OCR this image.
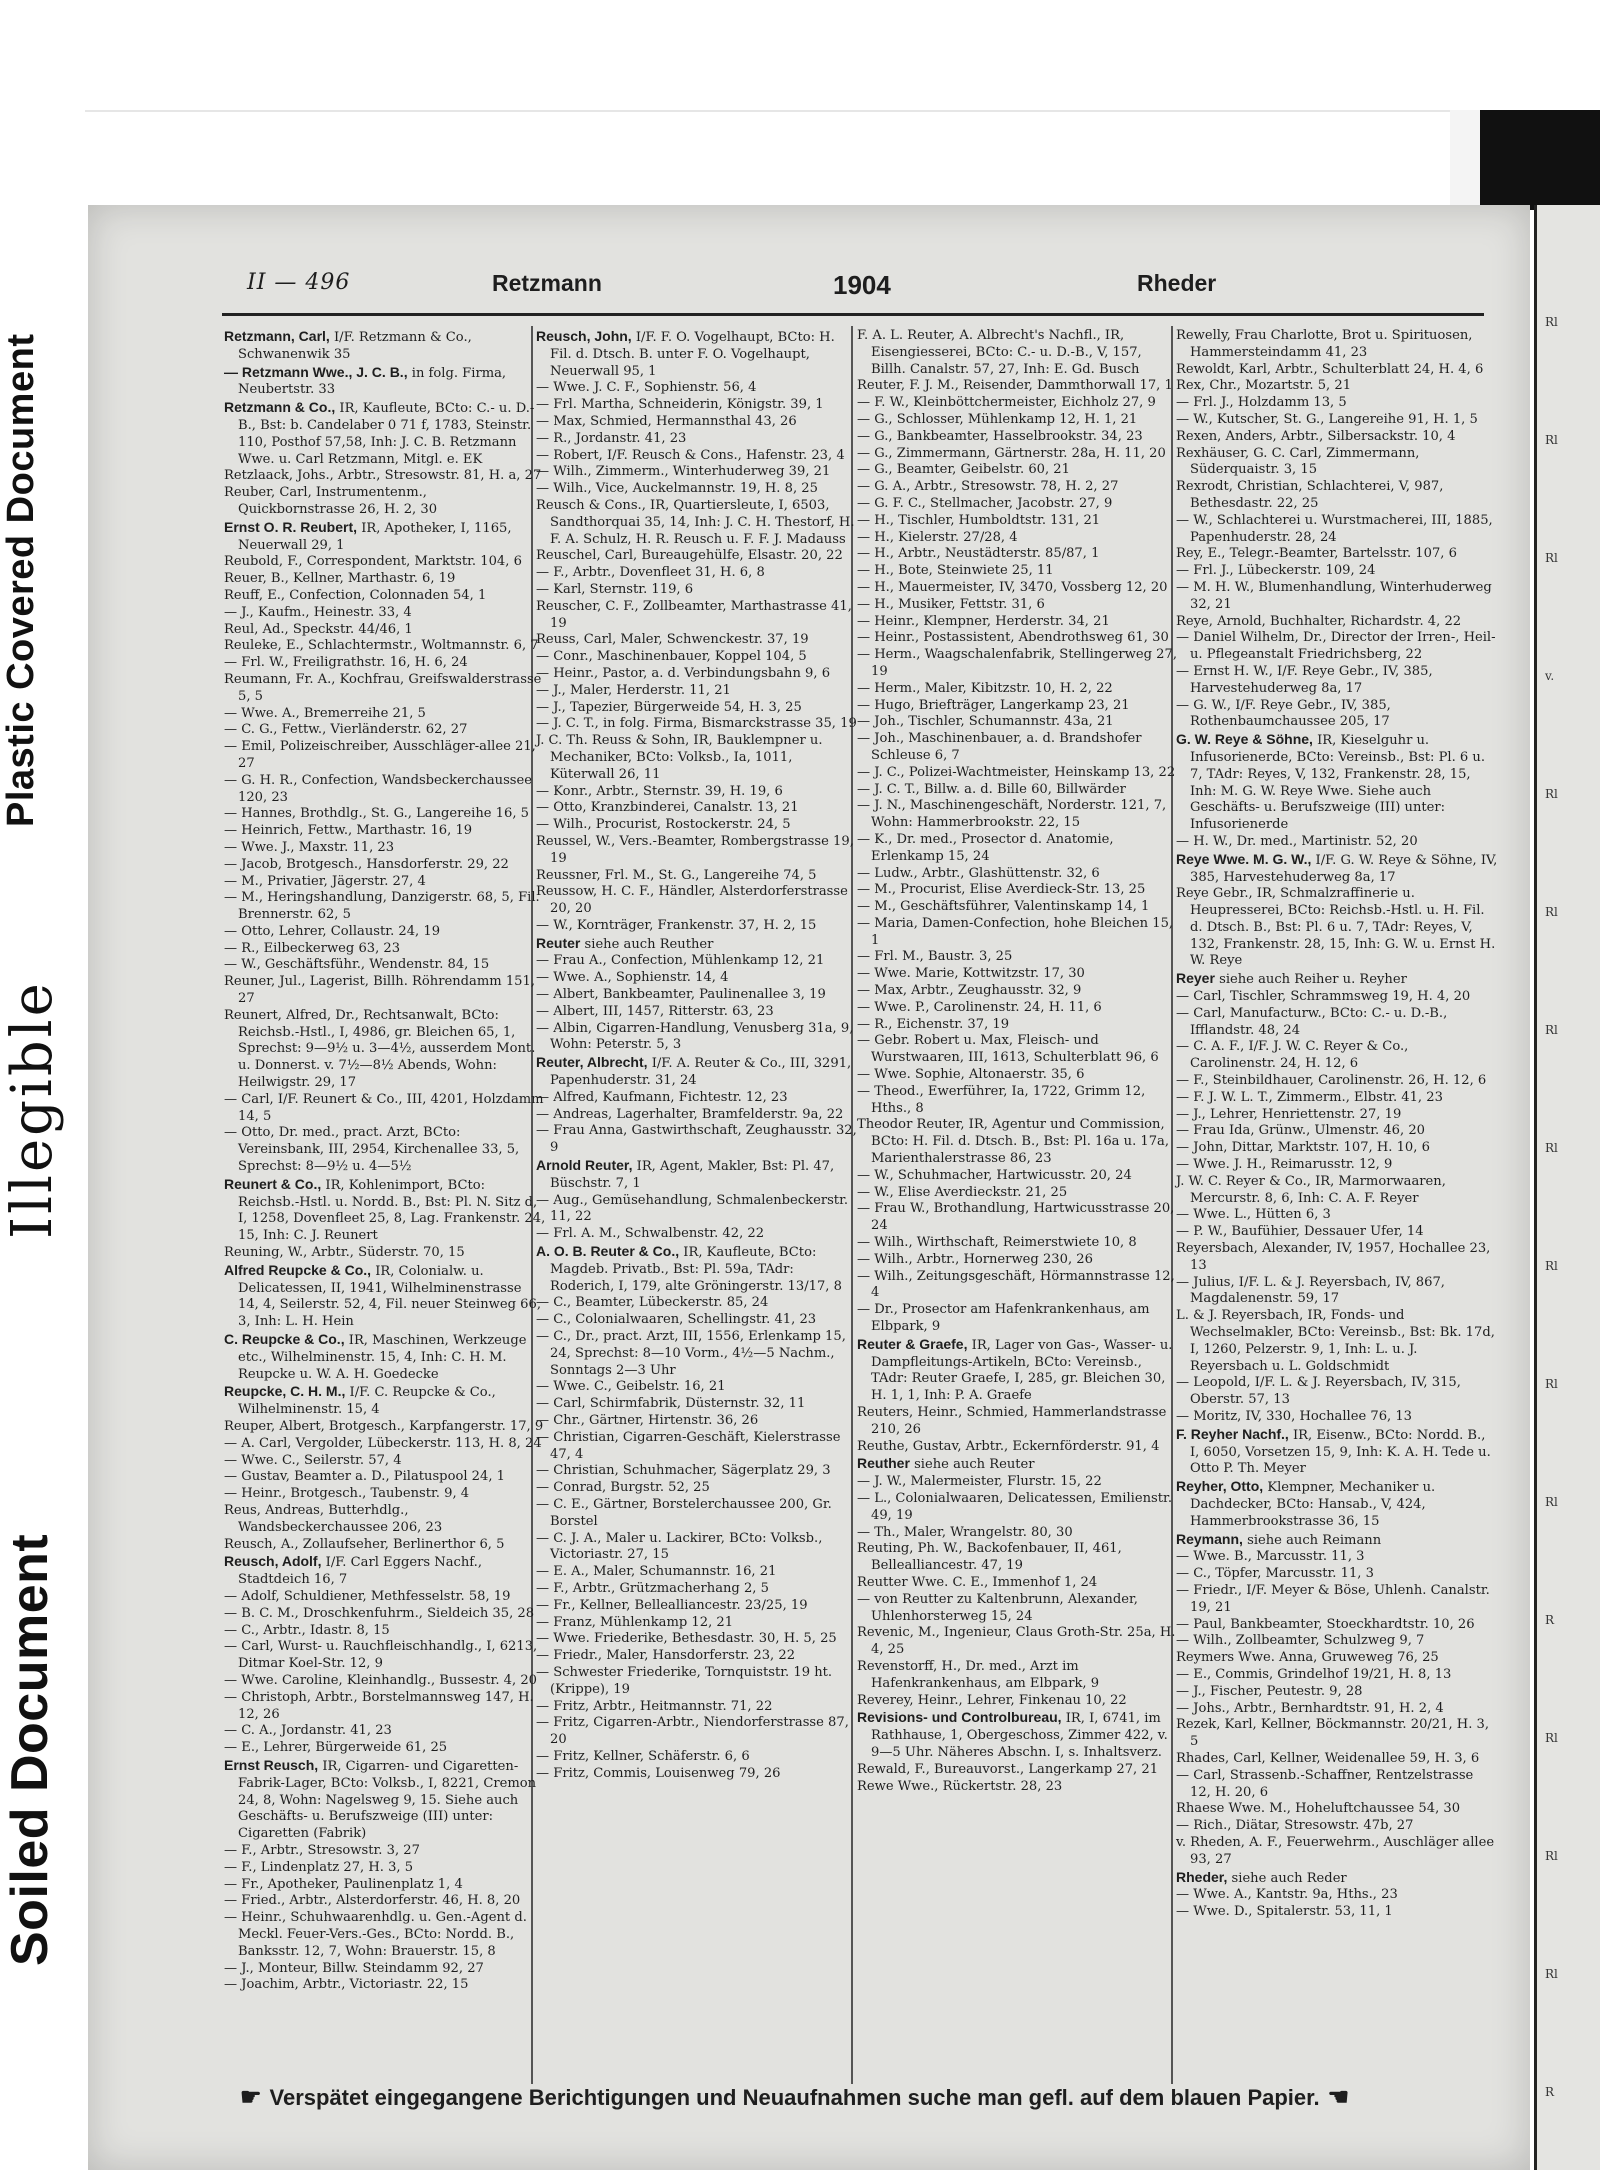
Plastic Covered Document
Illegible
Soiled Document
Rl
Rl
Rl
v.
Rl
Rl
Rl
Rl
Rl
Rl
Rl
R
Rl
Rl
Rl
R
II — 496	Retzmann	1904	Rheder

Retzmann, Carl, I/F. Retzmann & Co., Schwanenwik 35

— Retzmann Wwe., J. C. B., in folg. Firma, Neubertstr. 33

Retzmann & Co., IR, Kaufleute, BCto: C.- u. D.-B., Bst: b. Candelaber 0 71 f, 1783, Steinstr. 110, Posthof 57,58, Inh: J. C. B. Retzmann Wwe. u. Carl Retzmann, Mitgl. e. EK

Retzlaack, Johs., Arbtr., Stresowstr. 81, H. a, 27

Reuber, Carl, Instrumentenm., Quickbornstrasse 26, H. 2, 30

Ernst O. R. Reubert, IR, Apotheker, I, 1165, Neuerwall 29, 1

Reubold, F., Correspondent, Marktstr. 104, 6

Reuer, B., Kellner, Marthastr. 6, 19

Reuff, E., Confection, Colonnaden 54, 1

— J., Kaufm., Heinestr. 33, 4

Reul, Ad., Speckstr. 44/46, 1

Reuleke, E., Schlachtermstr., Woltmannstr. 6, 7

— Frl. W., Freiligrathstr. 16, H. 6, 24

Reumann, Fr. A., Kochfrau, Greifswalderstrasse 5, 5

— Wwe. A., Bremerreihe 21, 5

— C. G., Fettw., Vierländerstr. 62, 27

— Emil, Polizeischreiber, Ausschläger-allee 21, 27

— G. H. R., Confection, Wandsbeckerchaussee 120, 23

— Hannes, Brothdlg., St. G., Langereihe 16, 5

— Heinrich, Fettw., Marthastr. 16, 19

— Wwe. J., Maxstr. 11, 23

— Jacob, Brotgesch., Hansdorferstr. 29, 22

— M., Privatier, Jägerstr. 27, 4

— M., Heringshandlung, Danzigerstr. 68, 5, Fil. Brennerstr. 62, 5

— Otto, Lehrer, Collaustr. 24, 19

— R., Eilbeckerweg 63, 23

— W., Geschäftsführ., Wendenstr. 84, 15

Reuner, Jul., Lagerist, Billh. Röhrendamm 151, 27

Reunert, Alfred, Dr., Rechtsanwalt, BCto: Reichsb.-Hstl., I, 4986, gr. Bleichen 65, 1, Sprechst: 9—9½ u. 3—4½, ausserdem Mont. u. Donnerst. v. 7½—8½ Abends, Wohn: Heilwigstr. 29, 17

— Carl, I/F. Reunert & Co., III, 4201, Holzdamm 14, 5

— Otto, Dr. med., pract. Arzt, BCto: Vereinsbank, III, 2954, Kirchenallee 33, 5, Sprechst: 8—9½ u. 4—5½

Reunert & Co., IR, Kohlenimport, BCto: Reichsb.-Hstl. u. Nordd. B., Bst: Pl. N. Sitz d, I, 1258, Dovenfleet 25, 8, Lag. Frankenstr. 24, 15, Inh: C. J. Reunert

Reuning, W., Arbtr., Süderstr. 70, 15

Alfred Reupcke & Co., IR, Colonialw. u. Delicatessen, II, 1941, Wilhelminenstrasse 14, 4, Seilerstr. 52, 4, Fil. neuer Steinweg 66, 3, Inh: L. H. Hein

C. Reupcke & Co., IR, Maschinen, Werkzeuge etc., Wilhelminenstr. 15, 4, Inh: C. H. M. Reupcke u. W. A. H. Goedecke

Reupcke, C. H. M., I/F. C. Reupcke & Co., Wilhelminenstr. 15, 4

Reuper, Albert, Brotgesch., Karpfangerstr. 17, 9

— A. Carl, Vergolder, Lübeckerstr. 113, H. 8, 24

— Wwe. C., Seilerstr. 57, 4

— Gustav, Beamter a. D., Pilatuspool 24, 1

— Heinr., Brotgesch., Taubenstr. 9, 4

Reus, Andreas, Butterhdlg., Wandsbeckerchaussee 206, 23

Reusch, A., Zollaufseher, Berlinerthor 6, 5

Reusch, Adolf, I/F. Carl Eggers Nachf., Stadtdeich 16, 7

— Adolf, Schuldiener, Methfesselstr. 58, 19

— B. C. M., Droschkenfuhrm., Sieldeich 35, 28

— C., Arbtr., Idastr. 8, 15

— Carl, Wurst- u. Rauchfleischhandlg., I, 6213, Ditmar Koel-Str. 12, 9

— Wwe. Caroline, Kleinhandlg., Bussestr. 4, 20

— Christoph, Arbtr., Borstelmannsweg 147, H. 12, 26

— C. A., Jordanstr. 41, 23

— E., Lehrer, Bürgerweide 61, 25

Ernst Reusch, IR, Cigarren- und Cigaretten-Fabrik-Lager, BCto: Volksb., I, 8221, Cremon 24, 8, Wohn: Nagelsweg 9, 15. Siehe auch Geschäfts- u. Berufszweige (III) unter: Cigaretten (Fabrik)

— F., Arbtr., Stresowstr. 3, 27

— F., Lindenplatz 27, H. 3, 5

— Fr., Apotheker, Paulinenplatz 1, 4

— Fried., Arbtr., Alsterdorferstr. 46, H. 8, 20

— Heinr., Schuhwaarenhdlg. u. Gen.-Agent d. Meckl. Feuer-Vers.-Ges., BCto: Nordd. B., Banksstr. 12, 7, Wohn: Brauerstr. 15, 8

— J., Monteur, Billw. Steindamm 92, 27

— Joachim, Arbtr., Victoriastr. 22, 15

Reusch, John, I/F. F. O. Vogelhaupt, BCto: H. Fil. d. Dtsch. B. unter F. O. Vogelhaupt, Neuerwall 95, 1

— Wwe. J. C. F., Sophienstr. 56, 4

— Frl. Martha, Schneiderin, Königstr. 39, 1

— Max, Schmied, Hermannsthal 43, 26

— R., Jordanstr. 41, 23

— Robert, I/F. Reusch & Cons., Hafenstr. 23, 4

— Wilh., Zimmerm., Winterhuderweg 39, 21

— Wilh., Vice, Auckelmannstr. 19, H. 8, 25

Reusch & Cons., IR, Quartiersleute, I, 6503, Sandthorquai 35, 14, Inh: J. C. H. Thestorf, H. F. A. Schulz, H. R. Reusch u. F. F. J. Madauss

Reuschel, Carl, Bureaugehülfe, Elsastr. 20, 22

— F., Arbtr., Dovenfleet 31, H. 6, 8

— Karl, Sternstr. 119, 6

Reuscher, C. F., Zollbeamter, Marthastrasse 41, 19

Reuss, Carl, Maler, Schwenckestr. 37, 19

— Conr., Maschinenbauer, Koppel 104, 5

— Heinr., Pastor, a. d. Verbindungsbahn 9, 6

— J., Maler, Herderstr. 11, 21

— J., Tapezier, Bürgerweide 54, H. 3, 25

— J. C. T., in folg. Firma, Bismarckstrasse 35, 19

J. C. Th. Reuss & Sohn, IR, Bauklempner u. Mechaniker, BCto: Volksb., Ia, 1011, Küterwall 26, 11

— Konr., Arbtr., Sternstr. 39, H. 19, 6

— Otto, Kranzbinderei, Canalstr. 13, 21

— Wilh., Procurist, Rostockerstr. 24, 5

Reussel, W., Vers.-Beamter, Rombergstrasse 19, 19

Reussner, Frl. M., St. G., Langereihe 74, 5

Reussow, H. C. F., Händler, Alsterdorferstrasse 20, 20

— W., Kornträger, Frankenstr. 37, H. 2, 15

Reuter siehe auch Reuther

— Frau A., Confection, Mühlenkamp 12, 21

— Wwe. A., Sophienstr. 14, 4

— Albert, Bankbeamter, Paulinenallee 3, 19

— Albert, III, 1457, Ritterstr. 63, 23

— Albin, Cigarren-Handlung, Venusberg 31a, 9, Wohn: Peterstr. 5, 3

Reuter, Albrecht, I/F. A. Reuter & Co., III, 3291, Papenhuderstr. 31, 24

— Alfred, Kaufmann, Fichtestr. 12, 23

— Andreas, Lagerhalter, Bramfelderstr. 9a, 22

— Frau Anna, Gastwirthschaft, Zeughausstr. 32, 9

Arnold Reuter, IR, Agent, Makler, Bst: Pl. 47, Büschstr. 7, 1

— Aug., Gemüsehandlung, Schmalenbeckerstr. 11, 22

— Frl. A. M., Schwalbenstr. 42, 22

A. O. B. Reuter & Co., IR, Kaufleute, BCto: Magdeb. Privatb., Bst: Pl. 59a, TAdr: Roderich, I, 179, alte Gröningerstr. 13/17, 8

— C., Beamter, Lübeckerstr. 85, 24

— C., Colonialwaaren, Schellingstr. 41, 23

— C., Dr., pract. Arzt, III, 1556, Erlenkamp 15, 24, Sprechst: 8—10 Vorm., 4½—5 Nachm., Sonntags 2—3 Uhr

— Wwe. C., Geibelstr. 16, 21

— Carl, Schirmfabrik, Düsternstr. 32, 11

— Chr., Gärtner, Hirtenstr. 36, 26

— Christian, Cigarren-Geschäft, Kielerstrasse 47, 4

— Christian, Schuhmacher, Sägerplatz 29, 3

— Conrad, Burgstr. 52, 25

— C. E., Gärtner, Borstelerchaussee 200, Gr. Borstel

— C. J. A., Maler u. Lackirer, BCto: Volksb., Victoriastr. 27, 15

— E. A., Maler, Schumannstr. 16, 21

— F., Arbtr., Grützmacherhang 2, 5

— Fr., Kellner, Bellealliancestr. 23/25, 19

— Franz, Mühlenkamp 12, 21

— Wwe. Friederike, Bethesdastr. 30, H. 5, 25

— Friedr., Maler, Hansdorferstr. 23, 22

— Schwester Friederike, Tornquiststr. 19 ht. (Krippe), 19

— Fritz, Arbtr., Heitmannstr. 71, 22

— Fritz, Cigarren-Arbtr., Niendorferstrasse 87, 20

— Fritz, Kellner, Schäferstr. 6, 6

— Fritz, Commis, Louisenweg 79, 26

F. A. L. Reuter, A. Albrecht's Nachfl., IR, Eisengiesserei, BCto: C.- u. D.-B., V, 157, Billh. Canalstr. 57, 27, Inh: E. Gd. Busch

Reuter, F. J. M., Reisender, Dammthorwall 17, 1

— F. W., Kleinböttchermeister, Eichholz 27, 9

— G., Schlosser, Mühlenkamp 12, H. 1, 21

— G., Bankbeamter, Hasselbrookstr. 34, 23

— G., Zimmermann, Gärtnerstr. 28a, H. 11, 20

— G., Beamter, Geibelstr. 60, 21

— G. A., Arbtr., Stresowstr. 78, H. 2, 27

— G. F. C., Stellmacher, Jacobstr. 27, 9

— H., Tischler, Humboldtstr. 131, 21

— H., Kielerstr. 27/28, 4

— H., Arbtr., Neustädterstr. 85/87, 1

— H., Bote, Steinwiete 25, 11

— H., Mauermeister, IV, 3470, Vossberg 12, 20

— H., Musiker, Fettstr. 31, 6

— Heinr., Klempner, Herderstr. 34, 21

— Heinr., Postassistent, Abendrothsweg 61, 30

— Herm., Waagschalenfabrik, Stellingerweg 27, 19

— Herm., Maler, Kibitzstr. 10, H. 2, 22

— Hugo, Briefträger, Langerkamp 23, 21

— Joh., Tischler, Schumannstr. 43a, 21

— Joh., Maschinenbauer, a. d. Brandshofer Schleuse 6, 7

— J. C., Polizei-Wachtmeister, Heinskamp 13, 22

— J. C. T., Billw. a. d. Bille 60, Billwärder

— J. N., Maschinengeschäft, Norderstr. 121, 7, Wohn: Hammerbrookstr. 22, 15

— K., Dr. med., Prosector d. Anatomie, Erlenkamp 15, 24

— Ludw., Arbtr., Glashüttenstr. 32, 6

— M., Procurist, Elise Averdieck-Str. 13, 25

— M., Geschäftsführer, Valentinskamp 14, 1

— Maria, Damen-Confection, hohe Bleichen 15, 1

— Frl. M., Baustr. 3, 25

— Wwe. Marie, Kottwitzstr. 17, 30

— Max, Arbtr., Zeughausstr. 32, 9

— Wwe. P., Carolinenstr. 24, H. 11, 6

— R., Eichenstr. 37, 19

— Gebr. Robert u. Max, Fleisch- und Wurstwaaren, III, 1613, Schulterblatt 96, 6

— Wwe. Sophie, Altonaerstr. 35, 6

— Theod., Ewerführer, Ia, 1722, Grimm 12, Hths., 8

Theodor Reuter, IR, Agentur und Commission, BCto: H. Fil. d. Dtsch. B., Bst: Pl. 16a u. 17a, Marienthalerstrasse 86, 23

— W., Schuhmacher, Hartwicusstr. 20, 24

— W., Elise Averdieckstr. 21, 25

— Frau W., Brothandlung, Hartwicusstrasse 20, 24

— Wilh., Wirthschaft, Reimerstwiete 10, 8

— Wilh., Arbtr., Hornerweg 230, 26

— Wilh., Zeitungsgeschäft, Hörmannstrasse 12, 4

— Dr., Prosector am Hafenkrankenhaus, am Elbpark, 9

Reuter & Graefe, IR, Lager von Gas-, Wasser- u. Dampfleitungs-Artikeln, BCto: Vereinsb., TAdr: Reuter Graefe, I, 285, gr. Bleichen 30, H. 1, 1, Inh: P. A. Graefe

Reuters, Heinr., Schmied, Hammerlandstrasse 210, 26

Reuthe, Gustav, Arbtr., Eckernförderstr. 91, 4

Reuther siehe auch Reuter

— J. W., Malermeister, Flurstr. 15, 22

— L., Colonialwaaren, Delicatessen, Emilienstr. 49, 19

— Th., Maler, Wrangelstr. 80, 30

Reuting, Ph. W., Backofenbauer, II, 461, Bellealliancestr. 47, 19

Reutter Wwe. C. E., Immenhof 1, 24

— von Reutter zu Kaltenbrunn, Alexander, Uhlenhorsterweg 15, 24

Revenic, M., Ingenieur, Claus Groth-Str. 25a, H. 4, 25

Revenstorff, H., Dr. med., Arzt im Hafenkrankenhaus, am Elbpark, 9

Reverey, Heinr., Lehrer, Finkenau 10, 22

Revisions- und Controlbureau, IR, I, 6741, im Rathhause, 1, Obergeschoss, Zimmer 422, v. 9—5 Uhr. Näheres Abschn. I, s. Inhaltsverz.

Rewald, F., Bureauvorst., Langerkamp 27, 21

Rewe Wwe., Rückertstr. 28, 23

Rewelly, Frau Charlotte, Brot u. Spirituosen, Hammersteindamm 41, 23

Rewoldt, Karl, Arbtr., Schulterblatt 24, H. 4, 6

Rex, Chr., Mozartstr. 5, 21

— Frl. J., Holzdamm 13, 5

— W., Kutscher, St. G., Langereihe 91, H. 1, 5

Rexen, Anders, Arbtr., Silbersackstr. 10, 4

Rexhäuser, G. C. Carl, Zimmermann, Süderquaistr. 3, 15

Rexrodt, Christian, Schlachterei, V, 987, Bethesdastr. 22, 25

— W., Schlachterei u. Wurstmacherei, III, 1885, Papenhuderstr. 28, 24

Rey, E., Telegr.-Beamter, Bartelsstr. 107, 6

— Frl. J., Lübeckerstr. 109, 24

— M. H. W., Blumenhandlung, Winterhuderweg 32, 21

Reye, Arnold, Buchhalter, Richardstr. 4, 22

— Daniel Wilhelm, Dr., Director der Irren-, Heil- u. Pflegeanstalt Friedrichsberg, 22

— Ernst H. W., I/F. Reye Gebr., IV, 385, Harvestehuderweg 8a, 17

— G. W., I/F. Reye Gebr., IV, 385, Rothenbaumchaussee 205, 17

G. W. Reye & Söhne, IR, Kieselguhr u. Infusorienerde, BCto: Vereinsb., Bst: Pl. 6 u. 7, TAdr: Reyes, V, 132, Frankenstr. 28, 15, Inh: M. G. W. Reye Wwe. Siehe auch Geschäfts- u. Berufszweige (III) unter: Infusorienerde

— H. W., Dr. med., Martinistr. 52, 20

Reye Wwe. M. G. W., I/F. G. W. Reye & Söhne, IV, 385, Harvestehuderweg 8a, 17

Reye Gebr., IR, Schmalzraffinerie u. Heupresserei, BCto: Reichsb.-Hstl. u. H. Fil. d. Dtsch. B., Bst: Pl. 6 u. 7, TAdr: Reyes, V, 132, Frankenstr. 28, 15, Inh: G. W. u. Ernst H. W. Reye

Reyer siehe auch Reiher u. Reyher

— Carl, Tischler, Schrammsweg 19, H. 4, 20

— Carl, Manufacturw., BCto: C.- u. D.-B., Ifflandstr. 48, 24

— C. A. F., I/F. J. W. C. Reyer & Co., Carolinenstr. 24, H. 12, 6

— F., Steinbildhauer, Carolinenstr. 26, H. 12, 6

— F. J. W. L. T., Zimmerm., Elbstr. 41, 23

— J., Lehrer, Henriettenstr. 27, 19

— Frau Ida, Grünw., Ulmenstr. 46, 20

— John, Dittar, Marktstr. 107, H. 10, 6

— Wwe. J. H., Reimarusstr. 12, 9

J. W. C. Reyer & Co., IR, Marmorwaaren, Mercurstr. 8, 6, Inh: C. A. F. Reyer

— Wwe. L., Hütten 6, 3

— P. W., Baufühier, Dessauer Ufer, 14

Reyersbach, Alexander, IV, 1957, Hochallee 23, 13

— Julius, I/F. L. & J. Reyersbach, IV, 867, Magdalenenstr. 59, 17

L. & J. Reyersbach, IR, Fonds- und Wechselmakler, BCto: Vereinsb., Bst: Bk. 17d, I, 1260, Pelzerstr. 9, 1, Inh: L. u. J. Reyersbach u. L. Goldschmidt

— Leopold, I/F. L. & J. Reyersbach, IV, 315, Oberstr. 57, 13

— Moritz, IV, 330, Hochallee 76, 13

F. Reyher Nachf., IR, Eisenw., BCto: Nordd. B., I, 6050, Vorsetzen 15, 9, Inh: K. A. H. Tede u. Otto P. Th. Meyer

Reyher, Otto, Klempner, Mechaniker u. Dachdecker, BCto: Hansab., V, 424, Hammerbrookstrasse 36, 15

Reymann, siehe auch Reimann

— Wwe. B., Marcusstr. 11, 3

— C., Töpfer, Marcusstr. 11, 3

— Friedr., I/F. Meyer & Böse, Uhlenh. Canalstr. 19, 21

— Paul, Bankbeamter, Stoeckhardtstr. 10, 26

— Wilh., Zollbeamter, Schulzweg 9, 7

Reymers Wwe. Anna, Gruweweg 76, 25

— E., Commis, Grindelhof 19/21, H. 8, 13

— J., Fischer, Peutestr. 9, 28

— Johs., Arbtr., Bernhardtstr. 91, H. 2, 4

Rezek, Karl, Kellner, Böckmannstr. 20/21, H. 3, 5

Rhades, Carl, Kellner, Weidenallee 59, H. 3, 6

— Carl, Strassenb.-Schaffner, Rentzelstrasse 12, H. 20, 6

Rhaese Wwe. M., Hoheluftchaussee 54, 30

— Rich., Diätar, Stresowstr. 47b, 27

v. Rheden, A. F., Feuerwehrm., Auschläger allee 93, 27

Rheder, siehe auch Reder

— Wwe. A., Kantstr. 9a, Hths., 23

— Wwe. D., Spitalerstr. 53, 11, 1

☛ Verspätet eingegangene Berichtigungen und Neuaufnahmen suche man gefl. auf dem blauen Papier. ☚
